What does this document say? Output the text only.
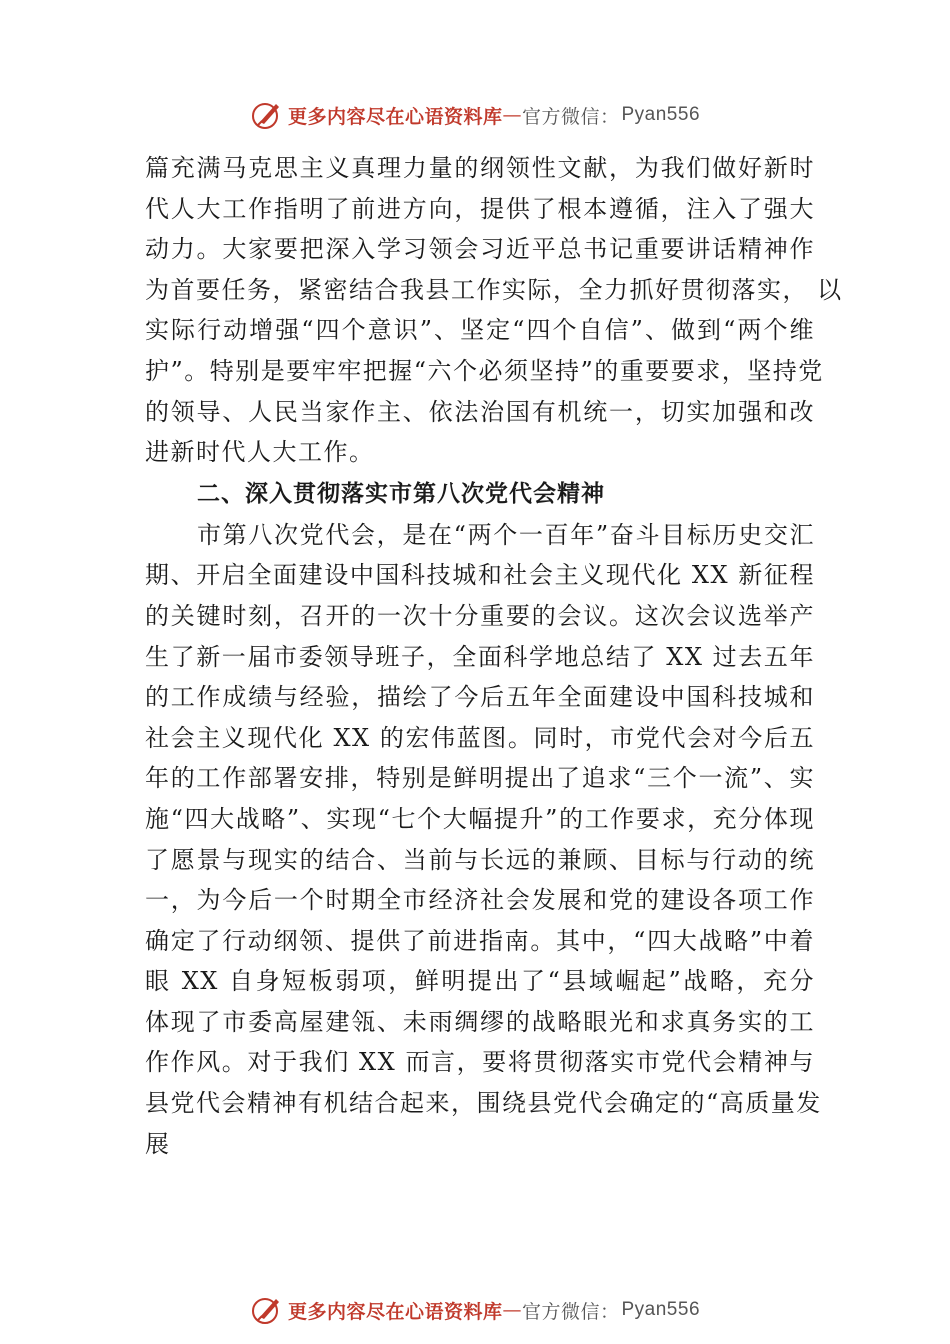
更多内容尽在心语资料库 — 官方微信： Pyan556
篇充满马克思主义真理力量的纲领性文献，为我们做好新时
代人大工作指明了前进方向，提供了根本遵循，注入了强大
动力。大家要把深入学习领会习近平总书记重要讲话精神作
为首要任务，紧密结合我县工作实际，全力抓好贯彻落实， 以
实际行动增强“四个意识”、坚定“四个自信”、做到“两个维
护”。特别是要牢牢把握“六个必须坚持”的重要要求，坚持党
的领导、人民当家作主、依法治国有机统一，切实加强和改
进新时代人大工作。
二、深入贯彻落实市第八次党代会精神
市第八次党代会，是在“两个一百年”奋斗目标历史交汇
期、开启全面建设中国科技城和社会主义现代化 XX 新征程
的关键时刻，召开的一次十分重要的会议。这次会议选举产
生了新一届市委领导班子，全面科学地总结了 XX 过去五年
的工作成绩与经验，描绘了今后五年全面建设中国科技城和
社会主义现代化 XX 的宏伟蓝图。同时，市党代会对今后五
年的工作部署安排，特别是鲜明提出了追求“三个一流”、实
施“四大战略”、实现“七个大幅提升”的工作要求，充分体现
了愿景与现实的结合、当前与长远的兼顾、目标与行动的统
一，为今后一个时期全市经济社会发展和党的建设各项工作
确定了行动纲领、提供了前进指南。其中，“四大战略”中着
眼 XX 自身短板弱项，鲜明提出了“县域崛起”战略，充分
体现了市委高屋建瓴、未雨绸缪的战略眼光和求真务实的工
作作风。对于我们 XX 而言，要将贯彻落实市党代会精神与
县党代会精神有机结合起来，围绕县党代会确定的“高质量发
展
更多内容尽在心语资料库 — 官方微信： Pyan556
